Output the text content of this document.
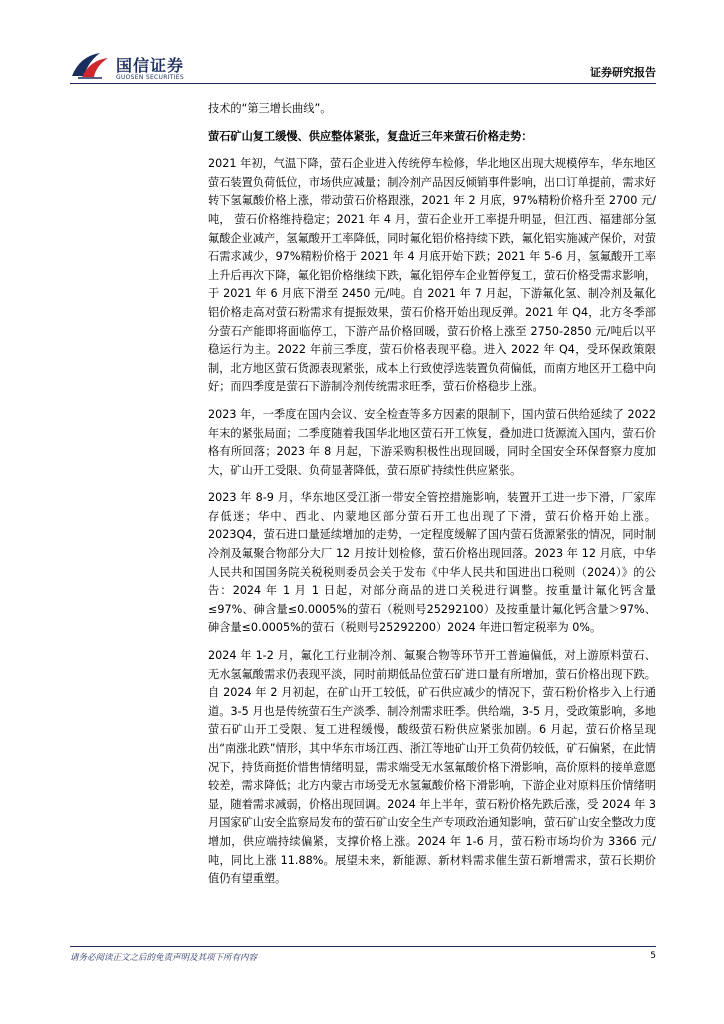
国信证券
GUOSEN SECURITIES	证券研究报告

技术的“第三增长曲线”。

萤石矿山复工缓慢、供应整体紧张，复盘近三年来萤石价格走势：

2021 年初，气温下降，萤石企业进入传统停车检修，华北地区出现大规模停车，华东地区萤石装置负荷低位，市场供应减量；制冷剂产品因反倾销事件影响，出口订单提前，需求好转下氢氟酸价格上涨，带动萤石价格跟涨，2021 年 2 月底，97%精粉价格升至 2700 元/吨， 萤石价格维持稳定；2021 年 4 月，萤石企业开工率提升明显，但江西、福建部分氢氟酸企业减产，氢氟酸开工率降低，同时氟化铝价格持续下跌，氟化铝实施减产保价，对萤石需求减少，97%精粉价格于 2021 年 4 月底开始下跌；2021 年 5-6 月，氢氟酸开工率上升后再次下降，氟化铝价格继续下跌，氟化铝停车企业暂停复工，萤石价格受需求影响，于 2021 年 6 月底下滑至 2450 元/吨。自 2021 年 7 月起，下游氟化氢、制冷剂及氟化铝价格走高对萤石粉需求有提振效果，萤石价格开始出现反弹。2021 年 Q4，北方冬季部分萤石产能即将面临停工，下游产品价格回暖，萤石价格上涨至 2750-2850 元/吨后以平稳运行为主。2022 年前三季度，萤石价格表现平稳。进入 2022 年 Q4，受环保政策限制，北方地区萤石货源表现紧张，成本上行致使浮选装置负荷偏低，而南方地区开工稳中向好；而四季度是萤石下游制冷剂传统需求旺季，萤石价格稳步上涨。

2023 年，一季度在国内会议、安全检查等多方因素的限制下，国内萤石供给延续了 2022 年末的紧张局面；二季度随着我国华北地区萤石开工恢复，叠加进口货源流入国内，萤石价格有所回落；2023 年 8 月起，下游采购积极性出现回暖，同时全国安全环保督察力度加大，矿山开工受限、负荷显著降低，萤石原矿持续性供应紧张。

2023 年 8-9 月，华东地区受江浙一带安全管控措施影响，装置开工进一步下滑，厂家库存低迷；华中、西北、内蒙地区部分萤石开工也出现了下滑，萤石价格开始上涨。2023Q4，萤石进口量延续增加的走势，一定程度缓解了国内萤石货源紧张的情况，同时制冷剂及氟聚合物部分大厂 12 月按计划检修，萤石价格出现回落。2023 年 12 月底，中华人民共和国国务院关税税则委员会关于发布《中华人民共和国进出口税则（2024）》的公告：2024 年 1 月 1 日起，对部分商品的进口关税进行调整。按重量计氟化钙含量≤97%、砷含量≤0.0005%的萤石（税则号25292100）及按重量计氟化钙含量＞97%、砷含量≤0.0005%的萤石（税则号25292200）2024 年进口暂定税率为 0%。

2024 年 1-2 月，氟化工行业制冷剂、氟聚合物等环节开工普遍偏低，对上游原料萤石、无水氢氟酸需求仍表现平淡，同时前期低品位萤石矿进口量有所增加，萤石价格出现下跌。自 2024 年 2 月初起，在矿山开工较低，矿石供应减少的情况下，萤石粉价格步入上行通道。3-5 月也是传统萤石生产淡季、制冷剂需求旺季。供给端，3-5 月，受政策影响，多地萤石矿山开工受限、复工进程缓慢，酸级萤石粉供应紧张加剧。6 月起，萤石价格呈现出“南涨北跌”情形，其中华东市场江西、浙江等地矿山开工负荷仍较低，矿石偏紧，在此情况下，持货商挺价惜售情绪明显，需求端受无水氢氟酸价格下滑影响，高价原料的接单意愿较差，需求降低；北方内蒙古市场受无水氢氟酸价格下滑影响，下游企业对原料压价情绪明显，随着需求减弱，价格出现回调。2024 年上半年，萤石粉价格先跌后涨，受 2024 年 3 月国家矿山安全监察局发布的萤石矿山安全生产专项政治通知影响，萤石矿山安全整改力度增加，供应端持续偏紧，支撑价格上涨。2024 年 1-6 月，萤石粉市场均价为 3366 元/吨，同比上涨 11.88%。展望未来，新能源、新材料需求催生萤石新增需求，萤石长期价值仍有望重塑。

请务必阅读正文之后的免责声明及其项下所有内容	5
